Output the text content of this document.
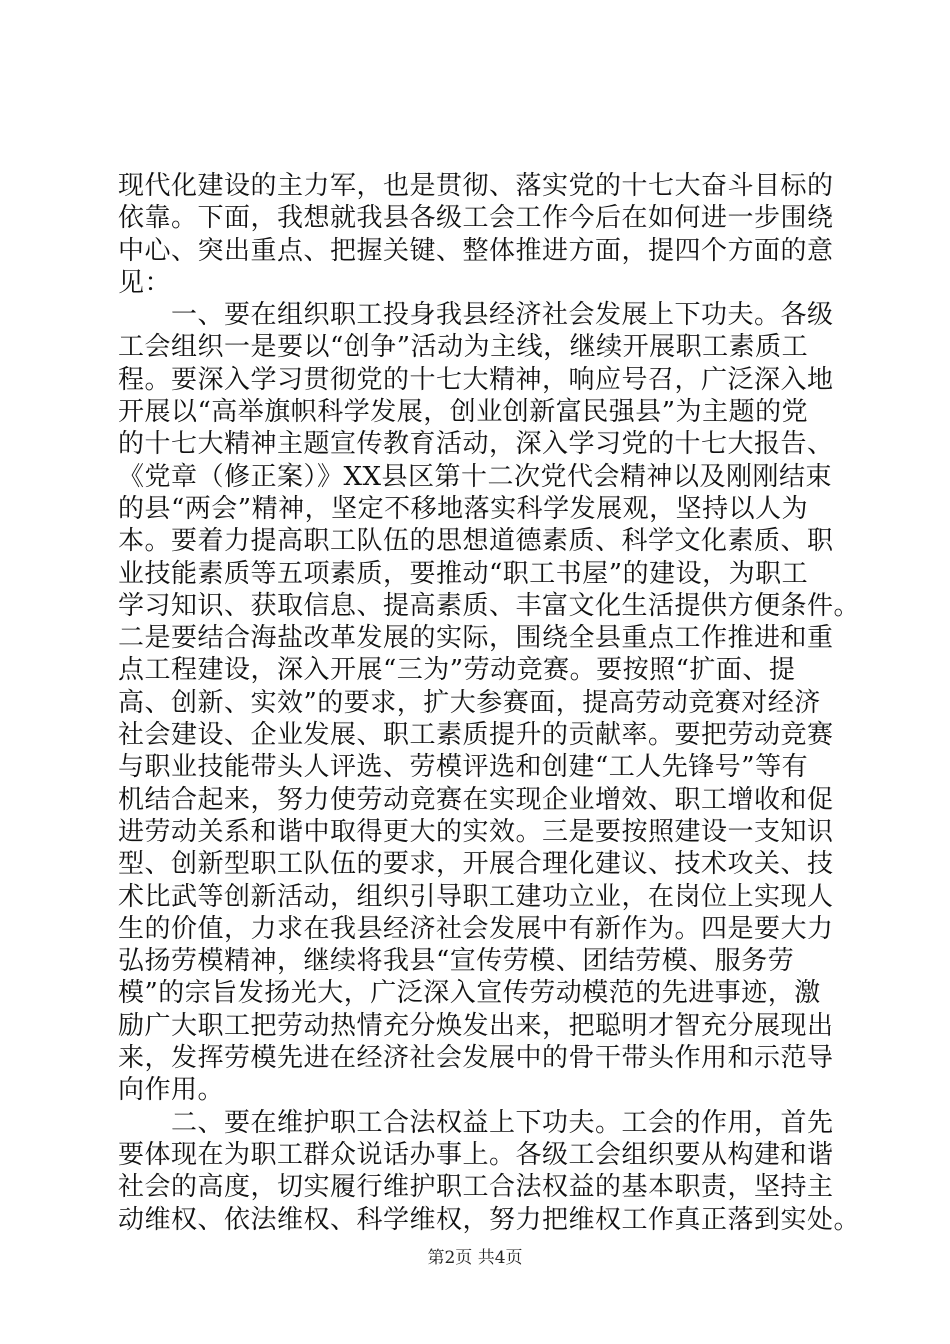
现代化建设的主力军，也是贯彻、落实党的十七大奋斗目标的
依靠。下面，我想就我县各级工会工作今后在如何进一步围绕
中心、突出重点、把握关键、整体推进方面，提四个方面的意
见：
　　一、要在组织职工投身我县经济社会发展上下功夫。各级
工会组织一是要以“创争”活动为主线，继续开展职工素质工
程。要深入学习贯彻党的十七大精神，响应号召，广泛深入地
开展以“高举旗帜科学发展，创业创新富民强县”为主题的党
的十七大精神主题宣传教育活动，深入学习党的十七大报告、
《党章（修正案）》XX县区第十二次党代会精神以及刚刚结束
的县“两会”精神，坚定不移地落实科学发展观，坚持以人为
本。要着力提高职工队伍的思想道德素质、科学文化素质、职
业技能素质等五项素质，要推动“职工书屋”的建设，为职工
学习知识、获取信息、提高素质、丰富文化生活提供方便条件。
二是要结合海盐改革发展的实际，围绕全县重点工作推进和重
点工程建设，深入开展“三为”劳动竞赛。要按照“扩面、提
高、创新、实效”的要求，扩大参赛面，提高劳动竞赛对经济
社会建设、企业发展、职工素质提升的贡献率。要把劳动竞赛
与职业技能带头人评选、劳模评选和创建“工人先锋号”等有
机结合起来，努力使劳动竞赛在实现企业增效、职工增收和促
进劳动关系和谐中取得更大的实效。三是要按照建设一支知识
型、创新型职工队伍的要求，开展合理化建议、技术攻关、技
术比武等创新活动，组织引导职工建功立业，在岗位上实现人
生的价值，力求在我县经济社会发展中有新作为。四是要大力
弘扬劳模精神，继续将我县“宣传劳模、团结劳模、服务劳
模”的宗旨发扬光大，广泛深入宣传劳动模范的先进事迹，激
励广大职工把劳动热情充分焕发出来，把聪明才智充分展现出
来，发挥劳模先进在经济社会发展中的骨干带头作用和示范导
向作用。
　　二、要在维护职工合法权益上下功夫。工会的作用，首先
要体现在为职工群众说话办事上。各级工会组织要从构建和谐
社会的高度，切实履行维护职工合法权益的基本职责，坚持主
动维权、依法维权、科学维权，努力把维权工作真正落到实处。
第2页 共4页
